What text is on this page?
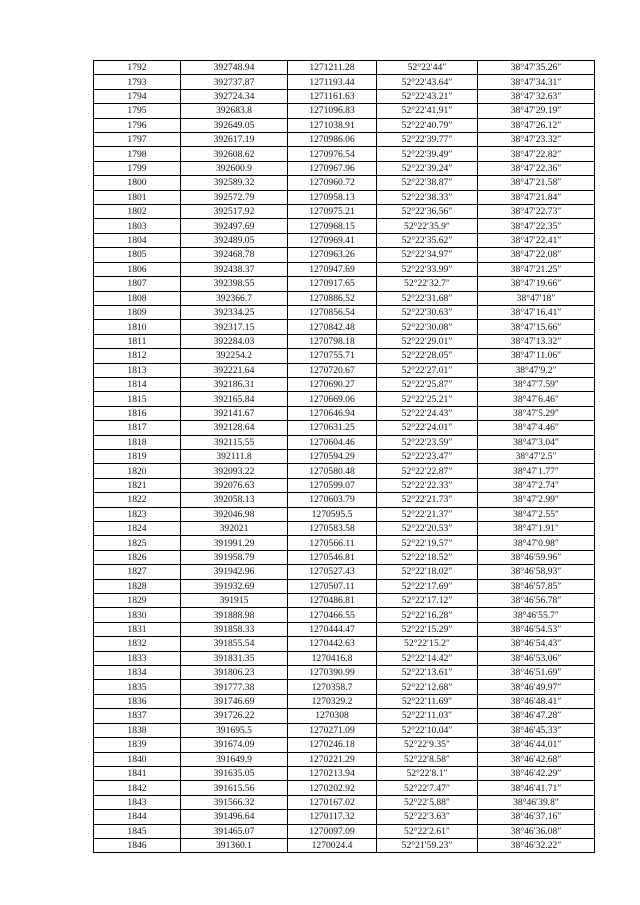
1792	392748.94	1271211.28	52°22′44″	38°47′35.26″
1793	392737.87	1271193.44	52°22′43.64″	38°47′34.31″
1794	392724.34	1271161.63	52°22′43.21″	38°47′32.63″
1795	392683.8	1271096.83	52°22′41.91″	38°47′29.19″
1796	392649.05	1271038.91	52°22′40.79″	38°47′26.12″
1797	392617.19	1270986.06	52°22′39.77″	38°47′23.32″
1798	392608.62	1270976.54	52°22′39.49″	38°47′22.82″
1799	392600.9	1270967.96	52°22′39.24″	38°47′22.36″
1800	392589.32	1270960.72	52°22′38.87″	38°47′21.58″
1801	392572.79	1270958.13	52°22′38.33″	38°47′21.84″
1802	392517.92	1270975.21	52°22′36.56″	38°47′22.73″
1803	392497.69	1270968.15	52°22′35.9″	38°47′22.35″
1804	392489.05	1270969.41	52°22′35.62″	38°47′22.41″
1805	392468.78	1270963.26	52°22′34.97″	38°47′22.08″
1806	392438.37	1270947.69	52°22′33.99″	38°47′21.25″
1807	392398.55	1270917.65	52°22′32.7″	38°47′19.66″
1808	392366.7	1270886.52	52°22′31.68″	38°47′18″
1809	392334.25	1270856.54	52°22′30.63″	38°47′16.41″
1810	392317.15	1270842.48	52°22′30.08″	38°47′15.66″
1811	392284.03	1270798.18	52°22′29.01″	38°47′13.32″
1812	392254.2	1270755.71	52°22′28.05″	38°47′11.06″
1813	392221.64	1270720.67	52°22′27.01″	38°47′9.2″
1814	392186.31	1270690.27	52°22′25.87″	38°47′7.59″
1815	392165.84	1270669.06	52°22′25.21″	38°47′6.46″
1816	392141.67	1270646.94	52°22′24.43″	38°47′5.29″
1817	392128.64	1270631.25	52°22′24.01″	38°47′4.46″
1818	392115.55	1270604.46	52°22′23.59″	38°47′3.04″
1819	392111.8	1270594.29	52°22′23.47″	38°47′2.5″
1820	392093.22	1270580.48	52°22′22.87″	38°47′1.77″
1821	392076.63	1270599.07	52°22′22.33″	38°47′2.74″
1822	392058.13	1270603.79	52°22′21.73″	38°47′2.99″
1823	392046.98	1270595.5	52°22′21.37″	38°47′2.55″
1824	392021	1270583.58	52°22′20.53″	38°47′1.91″
1825	391991.29	1270566.11	52°22′19.57″	38°47′0.98″
1826	391958.79	1270546.81	52°22′18.52″	38°46′59.96″
1827	391942.96	1270527.43	52°22′18.02″	38°46′58.93″
1828	391932.69	1270507.11	52°22′17.69″	38°46′57.85″
1829	391915	1270486.81	52°22′17.12″	38°46′56.78″
1830	391888.98	1270466.55	52°22′16.28″	38°46′55.7″
1831	391858.33	1270444.47	52°22′15.29″	38°46′54.53″
1832	391855.54	1270442.63	52°22′15.2″	38°46′54.43″
1833	391831.35	1270416.8	52°22′14.42″	38°46′53.06″
1834	391806.23	1270390.99	52°22′13.61″	38°46′51.69″
1835	391777.38	1270358.7	52°22′12.68″	38°46′49.97″
1836	391746.69	1270329.2	52°22′11.69″	38°46′48.41″
1837	391726.22	1270308	52°22′11.03″	38°46′47.28″
1838	391695.5	1270271.09	52°22′10.04″	38°46′45.33″
1839	391674.09	1270246.18	52°22′9.35″	38°46′44.01″
1840	391649.9	1270221.29	52°22′8.58″	38°46′42.68″
1841	391635.05	1270213.94	52°22′8.1″	38°46′42.29″
1842	391615.56	1270202.92	52°22′7.47″	38°46′41.71″
1843	391566.32	1270167.02	52°22′5.88″	38°46′39.8″
1844	391496.64	1270117.32	52°22′3.63″	38°46′37.16″
1845	391465.07	1270097.09	52°22′2.61″	38°46′36.08″
1846	391360.1	1270024.4	52°21′59.23″	38°46′32.22″
